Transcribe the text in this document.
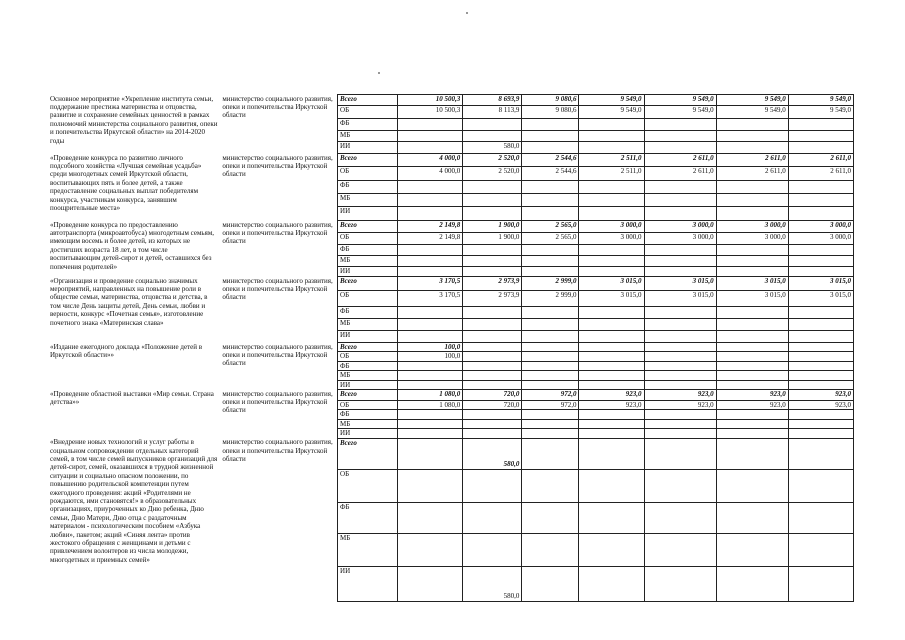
Основное мероприятие «Укрепление института семьи, поддержание престижа материнства и отцовства, развитие и сохранение семейных ценностей в рамках полномочий министерства социального развития, опеки и попечительства Иркутской области» на 2014-2020 годы	министерство социального развития, опеки и попечительства Иркутской области	Всего	10 500,3	8 693,9	9 080,6	9 549,0	9 549,0	9 549,0	9 549,0
		ОБ	10 500,3	8 113,9	9 080,6	9 549,0	9 549,0	9 549,0	9 549,0
		ФБ							
		МБ							
		ИИ		580,0					
«Проведение конкурса по развитию личного подсобного хозяйства «Лучшая семейная усадьба» среди многодетных семей Иркутской области, воспитывающих пять и более детей, а также предоставление социальных выплат победителям конкурса, участникам конкурса, занявшим поощрительные места»	министерство социального развития, опеки и попечительства Иркутской области	Всего	4 000,0	2 520,0	2 544,6	2 511,0	2 611,0	2 611,0	2 611,0
		ОБ	4 000,0	2 520,0	2 544,6	2 511,0	2 611,0	2 611,0	2 611,0
		ФБ							
		МБ							
		ИИ							
«Проведение конкурса по предоставлению автотранспорта (микроавтобуса) многодетным семьям, имеющим восемь и более детей, из которых не достигших возраста 18 лет, в том числе воспитывающим детей-сирот и детей, оставшихся без попечения родителей»	министерство социального развития, опеки и попечительства Иркутской области	Всего	2 149,8	1 900,0	2 565,0	3 000,0	3 000,0	3 000,0	3 000,0
		ОБ	2 149,8	1 900,0	2 565,0	3 000,0	3 000,0	3 000,0	3 000,0
		ФБ							
		МБ							
		ИИ							
«Организация и проведение социально значимых мероприятий, направленных на повышение роли в обществе семьи, материнства, отцовства и детства, в том числе День защиты детей, День семьи, любви и верности, конкурс «Почетная семья», изготовление почетного знака «Материнская слава»	министерство социального развития, опеки и попечительства Иркутской области	Всего	3 170,5	2 973,9	2 999,0	3 015,0	3 015,0	3 015,0	3 015,0
		ОБ	3 170,5	2 973,9	2 999,0	3 015,0	3 015,0	3 015,0	3 015,0
		ФБ							
		МБ							
		ИИ							
«Издание ежегодного доклада «Положение детей в Иркутской области»»	министерство социального развития, опеки и попечительства Иркутской области	Всего	100,0						
		ОБ	100,0						
		ФБ							
		МБ							
		ИИ							
«Проведение областной выставки «Мир семьи. Страна детства»»	министерство социального развития, опеки и попечительства Иркутской области	Всего	1 080,0	720,0	972,0	923,0	923,0	923,0	923,0
		ОБ	1 080,0	720,0	972,0	923,0	923,0	923,0	923,0
		ФБ							
		МБ							
		ИИ							
«Внедрение новых технологий и услуг работы в социальном сопровождении отдельных категорий семей, в том числе семей выпускников организаций для детей-сирот, семей, оказавшихся в трудной жизненной ситуации и социально опасном положении, по повышению родительской компетенции путем ежегодного проведения: акций «Родителями не рождаются, ими становятся!» в образовательных организациях, приуроченных ко Дню ребенка, Дню семьи, Дню Матери, Дню отца с раздаточным материалом - психологическим пособием «Азбука любви», пакетом; акций «Синяя лента» против жестокого обращения с женщинами и детьми с привлечением волонтеров из числа молодежи, многодетных и приемных семей»	министерство социального развития, опеки и попечительства Иркутской области	Всего		580,0					
		ОБ							
		ФБ							
		МБ							
		ИИ		580,0					
